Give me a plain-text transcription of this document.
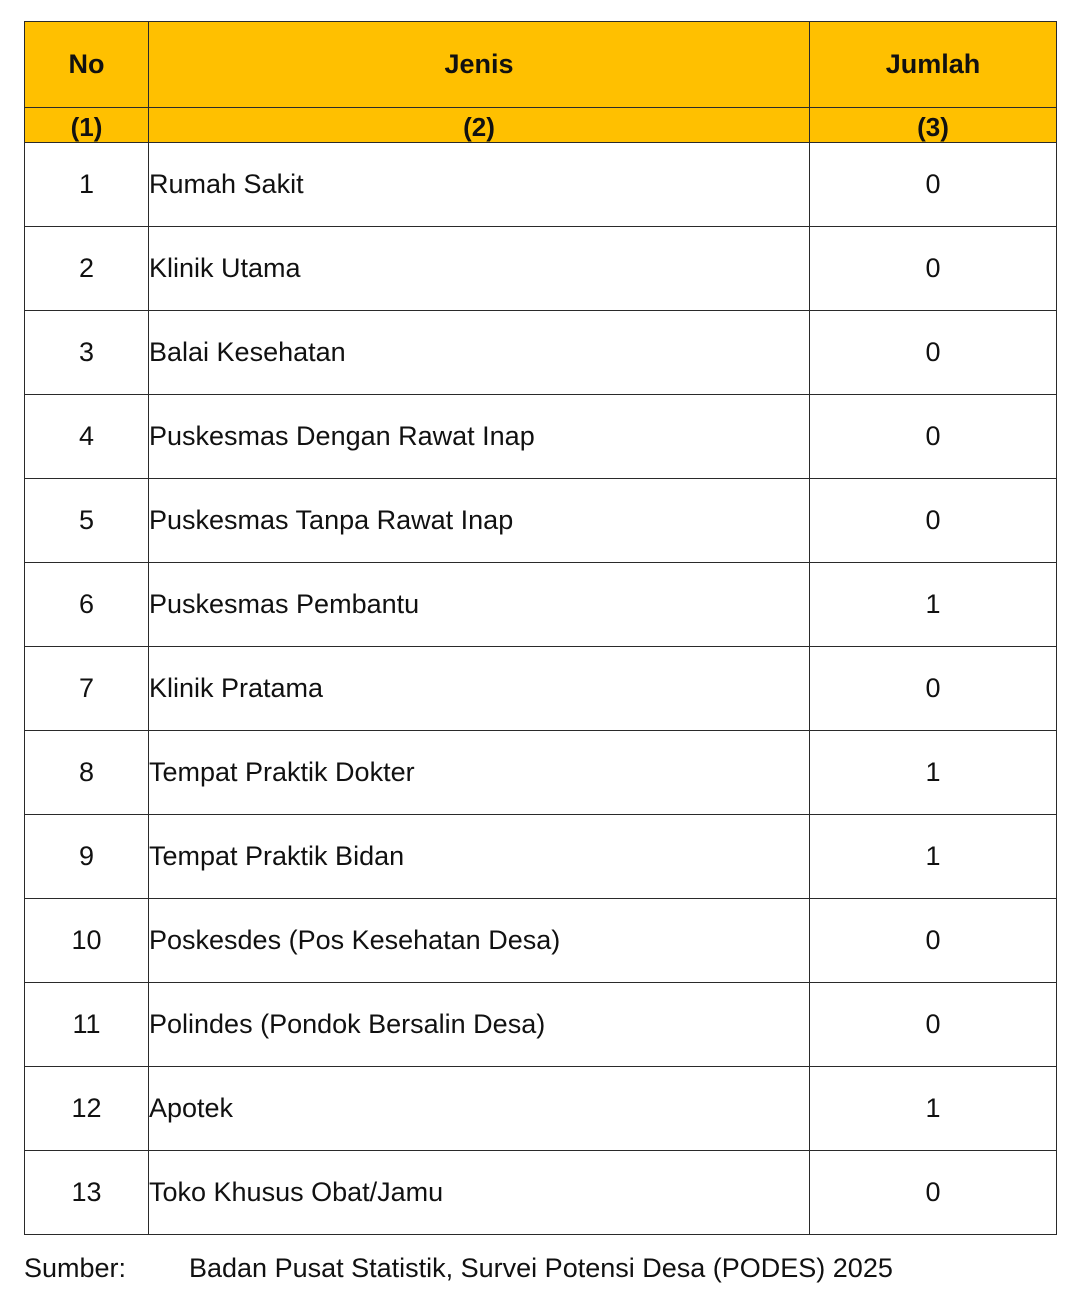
No	Jenis	Jumlah
(1)	(2)	(3)
1	Rumah Sakit	0
2	Klinik Utama	0
3	Balai Kesehatan	0
4	Puskesmas Dengan Rawat Inap	0
5	Puskesmas Tanpa Rawat Inap	0
6	Puskesmas Pembantu	1
7	Klinik Pratama	0
8	Tempat Praktik Dokter	1
9	Tempat Praktik Bidan	1
10	Poskesdes (Pos Kesehatan Desa)	0
11	Polindes (Pondok Bersalin Desa)	0
12	Apotek	1
13	Toko Khusus Obat/Jamu	0
Sumber: Badan Pusat Statistik, Survei Potensi Desa (PODES) 2025
